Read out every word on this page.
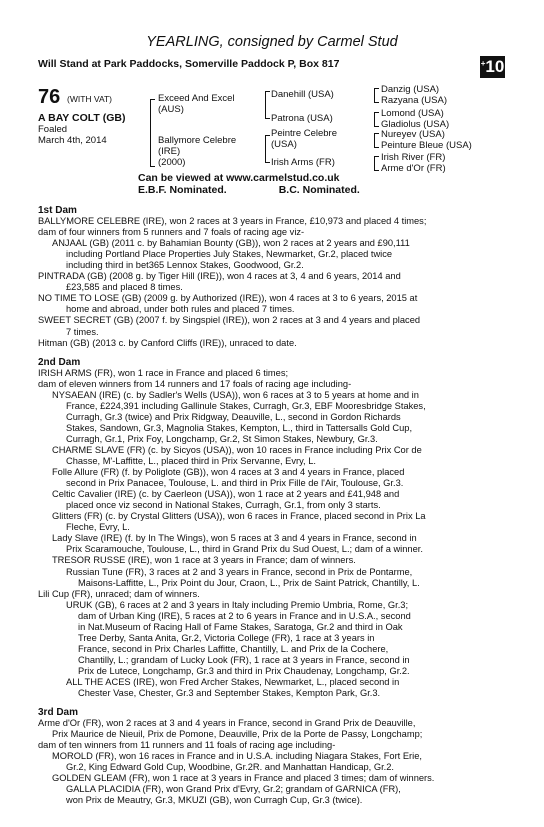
YEARLING, consigned by Carmel Stud
Will Stand at Park Paddocks, Somerville Paddock P, Box 817	+10
76 (WITH VAT)
A BAY COLT (GB)
Foaled
March 4th, 2014
Exceed And Excel
(AUS)
Ballymore Celebre
(IRE)
(2000)
Danehill (USA)
Patrona (USA)
Peintre Celebre
(USA)
Irish Arms (FR)
Danzig (USA)
Razyana (USA)
Lomond (USA)
Gladiolus (USA)
Nureyev (USA)
Peinture Bleue (USA)
Irish River (FR)
Arme d'Or (FR)
Can be viewed at www.carmelstud.co.uk
E.B.F. Nominated.	B.C. Nominated.
1st Dam
BALLYMORE CELEBRE (IRE), won 2 races at 3 years in France, £10,973 and placed 4 times;
dam of four winners from 5 runners and 7 foals of racing age viz-
ANJAAL (GB) (2011 c. by Bahamian Bounty (GB)), won 2 races at 2 years and £90,111
including Portland Place Properties July Stakes, Newmarket, Gr.2, placed twice
including third in bet365 Lennox Stakes, Goodwood, Gr.2.
PINTRADA (GB) (2008 g. by Tiger Hill (IRE)), won 4 races at 3, 4 and 6 years, 2014 and
£23,585 and placed 8 times.
NO TIME TO LOSE (GB) (2009 g. by Authorized (IRE)), won 4 races at 3 to 6 years, 2015 at
home and abroad, under both rules and placed 7 times.
SWEET SECRET (GB) (2007 f. by Singspiel (IRE)), won 2 races at 3 and 4 years and placed
7 times.
Hitman (GB) (2013 c. by Canford Cliffs (IRE)), unraced to date.
2nd Dam
IRISH ARMS (FR), won 1 race in France and placed 6 times;
dam of eleven winners from 14 runners and 17 foals of racing age including-
NYSAEAN (IRE) (c. by Sadler's Wells (USA)), won 6 races at 3 to 5 years at home and in
France, £224,391 including Gallinule Stakes, Curragh, Gr.3, EBF Mooresbridge Stakes,
Curragh, Gr.3 (twice) and Prix Ridgway, Deauville, L., second in Gordon Richards
Stakes, Sandown, Gr.3, Magnolia Stakes, Kempton, L., third in Tattersalls Gold Cup,
Curragh, Gr.1, Prix Foy, Longchamp, Gr.2, St Simon Stakes, Newbury, Gr.3.
CHARME SLAVE (FR) (c. by Sicyos (USA)), won 10 races in France including Prix Cor de
Chasse, M'-Laffitte, L., placed third in Prix Servanne, Evry, L.
Folle Allure (FR) (f. by Poliglote (GB)), won 4 races at 3 and 4 years in France, placed
second in Prix Panacee, Toulouse, L. and third in Prix Fille de l'Air, Toulouse, Gr.3.
Celtic Cavalier (IRE) (c. by Caerleon (USA)), won 1 race at 2 years and £41,948 and
placed once viz second in National Stakes, Curragh, Gr.1, from only 3 starts.
Glitters (FR) (c. by Crystal Glitters (USA)), won 6 races in France, placed second in Prix La
Fleche, Evry, L.
Lady Slave (IRE) (f. by In The Wings), won 5 races at 3 and 4 years in France, second in
Prix Scaramouche, Toulouse, L., third in Grand Prix du Sud Ouest, L.; dam of a winner.
TRESOR RUSSE (IRE), won 1 race at 3 years in France; dam of winners.
Russian Tune (FR), 3 races at 2 and 3 years in France, second in Prix de Pontarme,
Maisons-Laffitte, L., Prix Point du Jour, Craon, L., Prix de Saint Patrick, Chantilly, L.
Lili Cup (FR), unraced; dam of winners.
URUK (GB), 6 races at 2 and 3 years in Italy including Premio Umbria, Rome, Gr.3;
dam of Urban King (IRE), 5 races at 2 to 6 years in France and in U.S.A., second
in Nat.Museum of Racing Hall of Fame Stakes, Saratoga, Gr.2 and third in Oak
Tree Derby, Santa Anita, Gr.2, Victoria College (FR), 1 race at 3 years in
France, second in Prix Charles Laffitte, Chantilly, L. and Prix de la Cochere,
Chantilly, L.; grandam of Lucky Look (FR), 1 race at 3 years in France, second in
Prix de Lutece, Longchamp, Gr.3 and third in Prix Chaudenay, Longchamp, Gr.2.
ALL THE ACES (IRE), won Fred Archer Stakes, Newmarket, L., placed second in
Chester Vase, Chester, Gr.3 and September Stakes, Kempton Park, Gr.3.
3rd Dam
Arme d'Or (FR), won 2 races at 3 and 4 years in France, second in Grand Prix de Deauville,
Prix Maurice de Nieuil, Prix de Pomone, Deauville, Prix de la Porte de Passy, Longchamp;
dam of ten winners from 11 runners and 11 foals of racing age including-
MOROLD (FR), won 16 races in France and in U.S.A. including Niagara Stakes, Fort Erie,
Gr.2, King Edward Gold Cup, Woodbine, Gr.2R. and Manhattan Handicap, Gr.2.
GOLDEN GLEAM (FR), won 1 race at 3 years in France and placed 3 times; dam of winners.
GALLA PLACIDIA (FR), won Grand Prix d'Evry, Gr.2; grandam of GARNICA (FR),
won Prix de Meautry, Gr.3, MKUZI (GB), won Curragh Cup, Gr.3 (twice).
